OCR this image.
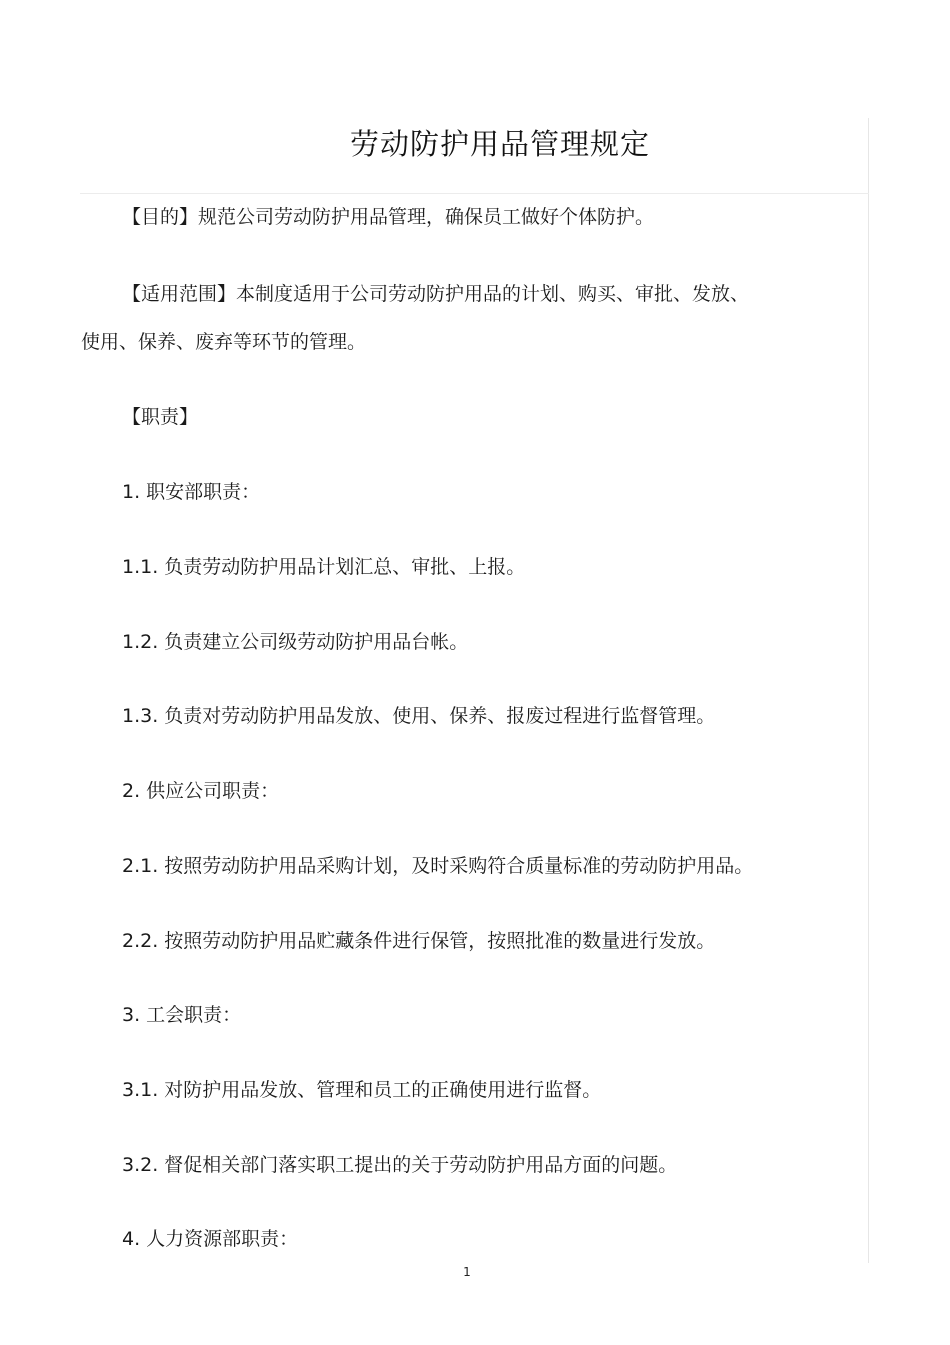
劳动防护用品管理规定
【目的】规范公司劳动防护用品管理，确保员工做好个体防护。
【适用范围】本制度适用于公司劳动防护用品的计划、购买、审批、发放、
使用、保养、废弃等环节的管理。
【职责】
1. 职安部职责：
1.1. 负责劳动防护用品计划汇总、审批、上报。
1.2. 负责建立公司级劳动防护用品台帐。
1.3. 负责对劳动防护用品发放、使用、保养、报废过程进行监督管理。
2. 供应公司职责：
2.1. 按照劳动防护用品采购计划，及时采购符合质量标准的劳动防护用品。
2.2. 按照劳动防护用品贮藏条件进行保管，按照批准的数量进行发放。
3. 工会职责：
3.1. 对防护用品发放、管理和员工的正确使用进行监督。
3.2. 督促相关部门落实职工提出的关于劳动防护用品方面的问题。
4. 人力资源部职责：
1
